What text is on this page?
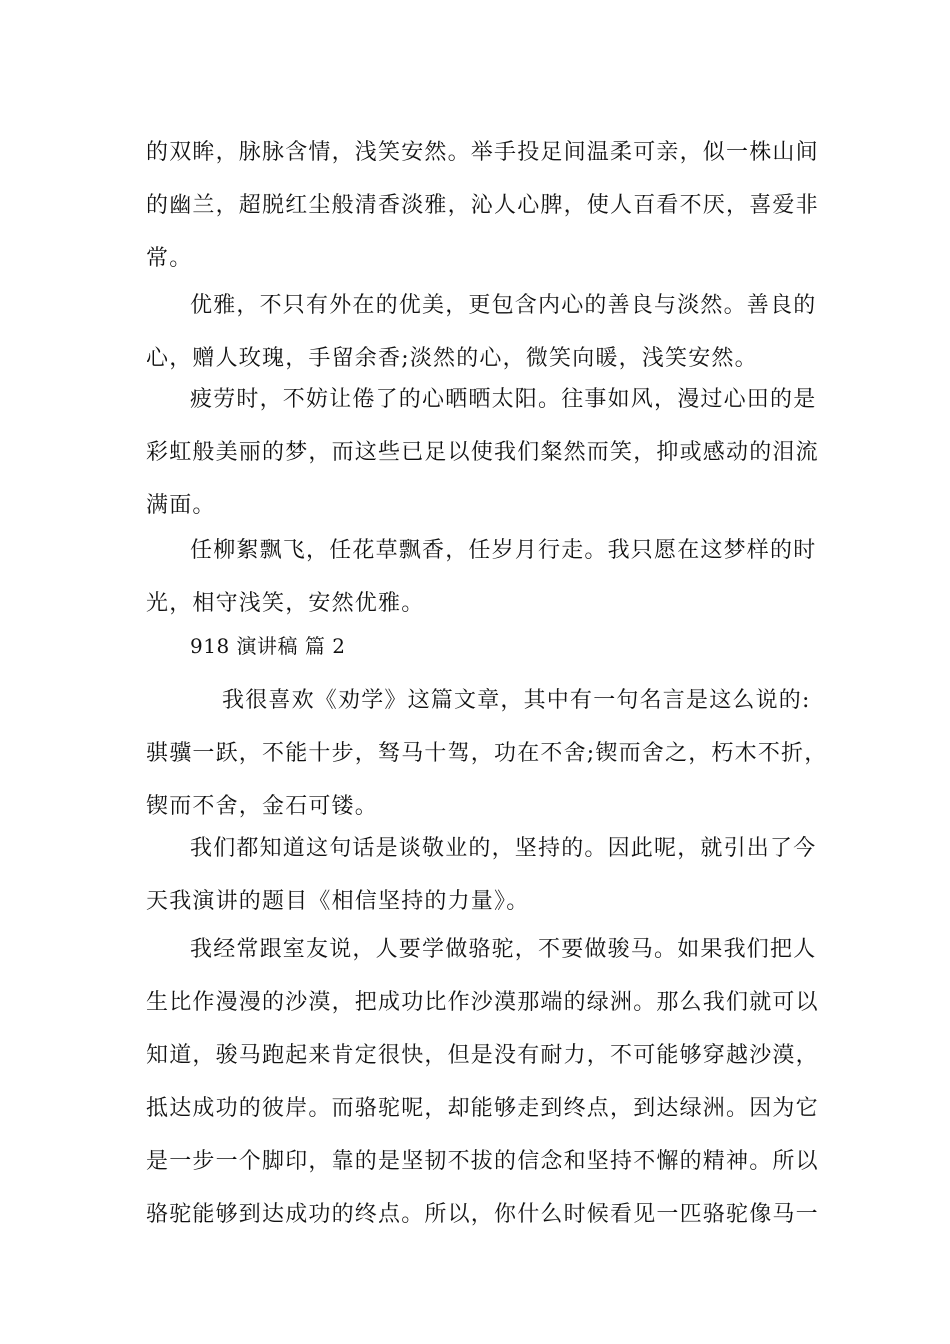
的双眸，脉脉含情，浅笑安然。举手投足间温柔可亲，似一株山间
的幽兰，超脱红尘般清香淡雅，沁人心脾，使人百看不厌，喜爱非
常。
优雅，不只有外在的优美，更包含内心的善良与淡然。善良的
心，赠人玫瑰，手留余香;淡然的心，微笑向暖，浅笑安然。
疲劳时，不妨让倦了的心晒晒太阳。往事如风，漫过心田的是
彩虹般美丽的梦，而这些已足以使我们粲然而笑，抑或感动的泪流
满面。
任柳絮飘飞，任花草飘香，任岁月行走。我只愿在这梦样的时
光，相守浅笑，安然优雅。
918 演讲稿 篇 2
我很喜欢《劝学》这篇文章，其中有一句名言是这么说的:
骐骥一跃，不能十步，驽马十驾，功在不舍;锲而舍之，朽木不折，
锲而不舍，金石可镂。
我们都知道这句话是谈敬业的，坚持的。因此呢，就引出了今
天我演讲的题目《相信坚持的力量》。
我经常跟室友说，人要学做骆驼，不要做骏马。如果我们把人
生比作漫漫的沙漠，把成功比作沙漠那端的绿洲。那么我们就可以
知道，骏马跑起来肯定很快，但是没有耐力，不可能够穿越沙漠，
抵达成功的彼岸。而骆驼呢，却能够走到终点，到达绿洲。因为它
是一步一个脚印，靠的是坚韧不拔的信念和坚持不懈的精神。所以
骆驼能够到达成功的终点。所以，你什么时候看见一匹骆驼像马一
